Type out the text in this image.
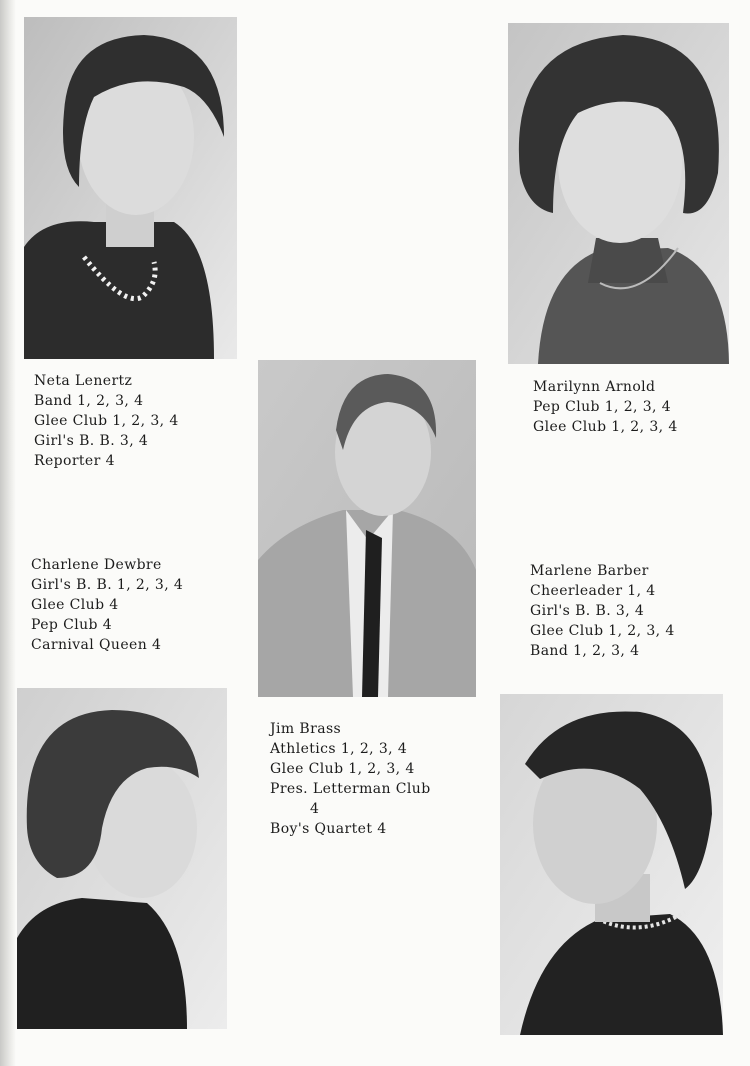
Neta Lenertz
Band 1, 2, 3, 4
Glee Club 1, 2, 3, 4
Girl's B. B. 3, 4
Reporter 4
Marilynn Arnold
Pep Club 1, 2, 3, 4
Glee Club 1, 2, 3, 4
Charlene Dewbre
Girl's B. B. 1, 2, 3, 4
Glee Club 4
Pep Club 4
Carnival Queen 4
Marlene Barber
Cheerleader 1, 4
Girl's B. B. 3, 4
Glee Club 1, 2, 3, 4
Band 1, 2, 3, 4
Jim Brass
Athletics 1, 2, 3, 4
Glee Club 1, 2, 3, 4
Pres. Letterman Club
4
Boy's Quartet 4
